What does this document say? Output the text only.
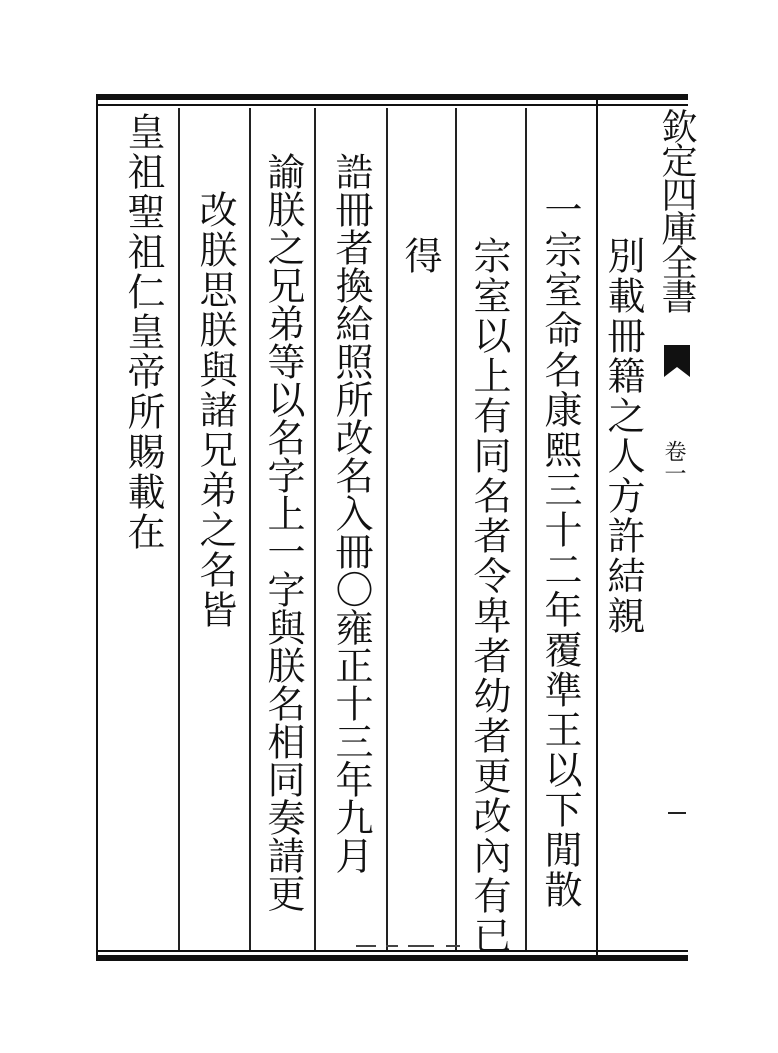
別載冊籍之人方許結親
一宗室命名康熙三十二年覆準王以下閒散
宗室以上有同名者令卑者幼者更改內有已
得
誥冊者換給照所改名入冊〇雍正十三年九月
諭朕之兄弟等以名字上一字與朕名相同奏請更
改朕思朕與諸兄弟之名皆
皇祖聖祖仁皇帝所賜載在	欽定四庫全書
卷一
